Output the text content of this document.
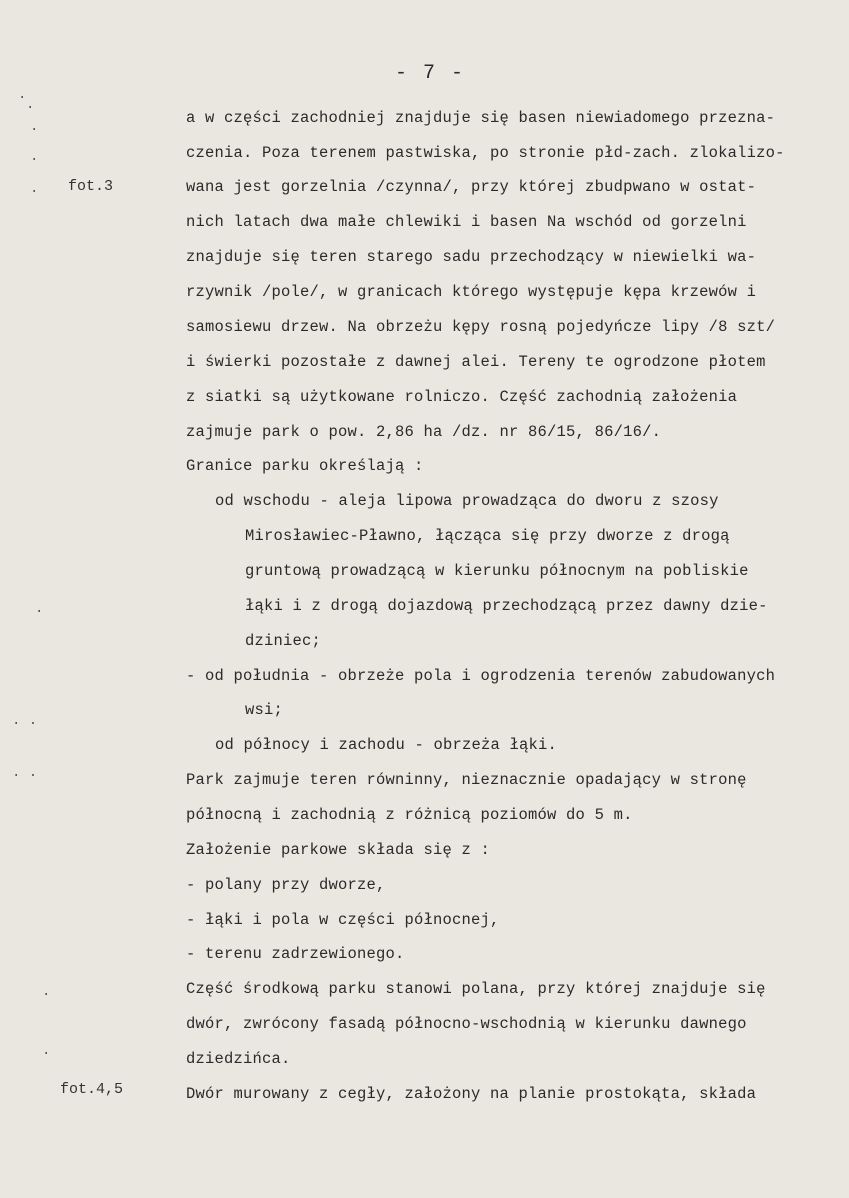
- 7 -
fot.3
fot.4,5
a w części zachodniej znajduje się basen niewiadomego przezna-
czenia. Poza terenem pastwiska, po stronie płd-zach. zlokalizo-
wana jest gorzelnia /czynna/, przy której zbudpwano w ostat-
nich latach dwa małe chlewiki i basen Na wschód od gorzelni
znajduje się teren starego sadu przechodzący w niewielki wa-
rzywnik /pole/, w granicach którego występuje kępa krzewów i
samosiewu drzew. Na obrzeżu kępy rosną pojedyńcze lipy /8 szt/
i świerki pozostałe z dawnej alei. Tereny te ogrodzone płotem
z siatki są użytkowane rolniczo. Część zachodnią założenia
zajmuje park o pow. 2,86 ha /dz. nr 86/15, 86/16/.
Granice parku określają :
od wschodu - aleja lipowa prowadząca do dworu z szosy
Mirosławiec-Pławno, łącząca się przy dworze z drogą
gruntową prowadzącą w kierunku północnym na pobliskie
łąki i z drogą dojazdową przechodzącą przez dawny dzie-
dziniec;
- od południa - obrzeże pola i ogrodzenia terenów zabudowanych
wsi;
od północy i zachodu - obrzeża łąki.
Park zajmuje teren równinny, nieznacznie opadający w stronę
północną i zachodnią z różnicą poziomów do 5 m.
Założenie parkowe składa się z :
- polany przy dworze,
- łąki i pola w części północnej,
- terenu zadrzewionego.
Część środkową parku stanowi polana, przy której znajduje się
dwór, zwrócony fasadą północno-wschodnią w kierunku dawnego
dziedzińca.
Dwór murowany z cegły, założony na planie prostokąta, składa
.
.
.
.
.
.
. .
. .
.
.
